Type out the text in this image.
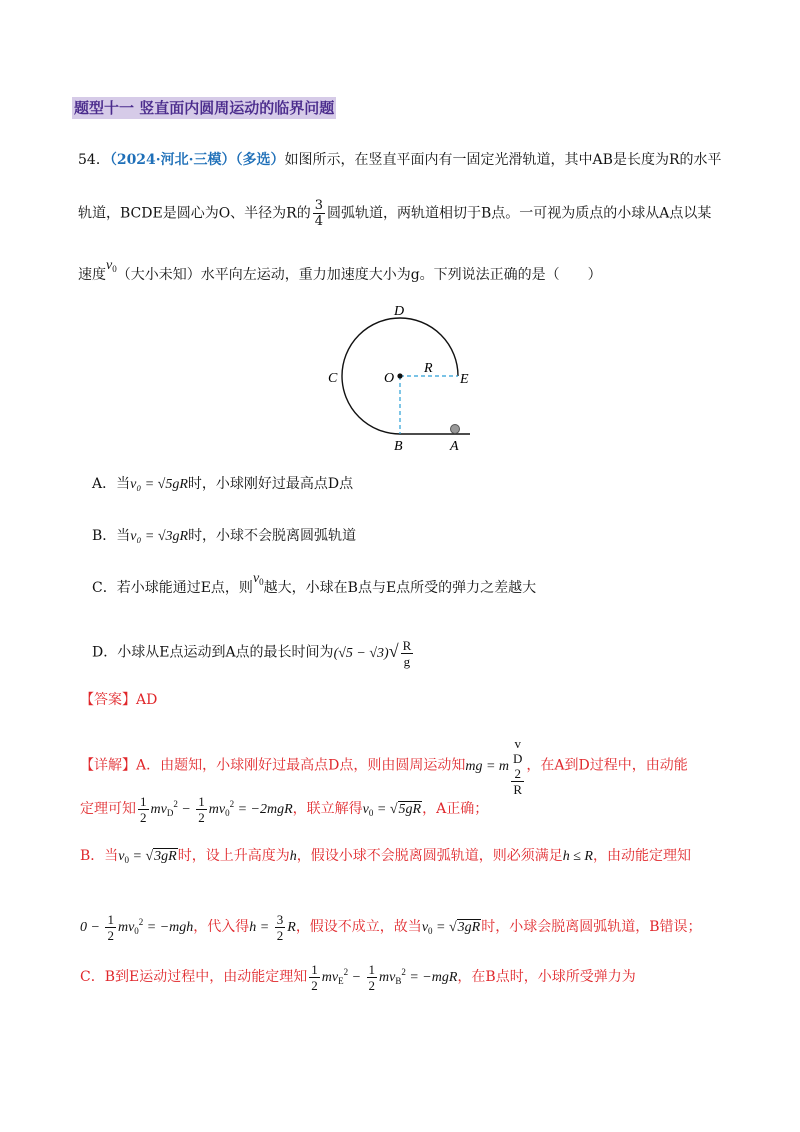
题型十一 竖直面内圆周运动的临界问题
54．（2024·河北·三模）（多选）如图所示，在竖直平面内有一固定光滑轨道，其中AB是长度为R的水平
轨道，BCDE是圆心为O、半径为R的 $\frac{3}{4}$ 圆弧轨道，两轨道相切于B点。一可视为质点的小球从A点以某
速度$v_0$（大小未知）水平向左运动，重力加速度大小为g。下列说法正确的是（　　）
D
C	O
R
E
B	A
A．当v₀ = √5gR时，小球刚好过最高点D点
B．当v₀ = √3gR时，小球不会脱离圆弧轨道
C．若小球能通过E点，则$v_0$越大，小球在B点与E点所受的弹力之差越大
D．小球从E点运动到A点的最长时间为$(√5 - √3)√ \frac{R}{g}$
【答案】AD
【详解】A．由题知，小球刚好过最高点D点，则由圆周运动知mg = m v
D
2
R ，在A到D过程中，由动能
定理可知 $\frac{1}{2} mv_D^2 - \frac{1}{2} mv_0^2 = -2mgR$，联立解得$v_0 = √5gR$，A正确；
B．当$v_0 = √3gR$时，设上升高度为h，假设小球不会脱离圆弧轨道，则必须满足h ≤ R，由动能定理知
$0 - \frac{1}{2} mv_0^2 = -mgh$，代入得$h = \frac{3}{2}$ R，假设不成立，故当$v_0 = √3gR$时，小球会脱离圆弧轨道，B错误；
C．B到E运动过程中，由动能定理知 $\frac{1}{2} mv_E^2 - \frac{1}{2} mv_B^2 = -mgR$，在B点时，小球所受弹力为
